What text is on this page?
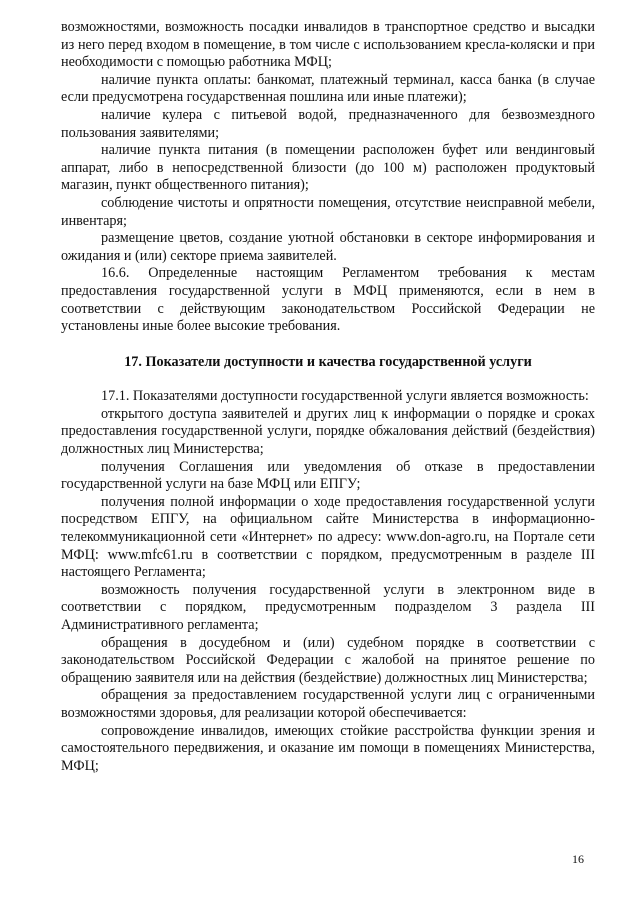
возможностями, возможность посадки инвалидов в транспортное средство и высадки из него перед входом в помещение, в том числе с использованием кресла-коляски и при необходимости с помощью работника МФЦ;

наличие пункта оплаты: банкомат, платежный терминал, касса банка (в случае если предусмотрена государственная пошлина или иные платежи);

наличие кулера с питьевой водой, предназначенного для безвозмездного пользования заявителями;

наличие пункта питания (в помещении расположен буфет или вендинговый аппарат, либо в непосредственной близости (до 100 м) расположен продуктовый магазин, пункт общественного питания);

соблюдение чистоты и опрятности помещения, отсутствие неисправной мебели, инвентаря;

размещение цветов, создание уютной обстановки в секторе информирования и ожидания и (или) секторе приема заявителей.

16.6. Определенные настоящим Регламентом требования к местам предоставления государственной услуги в МФЦ применяются, если в нем в соответствии с действующим законодательством Российской Федерации не установлены иные более высокие требования.

17. Показатели доступности и качества государственной услуги

17.1. Показателями доступности государственной услуги является возможность:

открытого доступа заявителей и других лиц к информации о порядке и сроках предоставления государственной услуги, порядке обжалования действий (бездействия) должностных лиц Министерства;

получения Соглашения или уведомления об отказе в предоставлении государственной услуги на базе МФЦ или ЕПГУ;

получения полной информации о ходе предоставления государственной услуги посредством ЕПГУ, на официальном сайте Министерства в информационно-телекоммуникационной сети «Интернет» по адресу: www.don-agro.ru, на Портале сети МФЦ: www.mfc61.ru в соответствии с порядком, предусмотренным в разделе III настоящего Регламента;

возможность получения государственной услуги в электронном виде в соответствии с порядком, предусмотренным подразделом 3 раздела III Административного регламента;

обращения в досудебном и (или) судебном порядке в соответствии с законодательством Российской Федерации с жалобой на принятое решение по обращению заявителя или на действия (бездействие) должностных лиц Министерства;

обращения за предоставлением государственной услуги лиц с ограниченными возможностями здоровья, для реализации которой обеспечивается:

сопровождение инвалидов, имеющих стойкие расстройства функции зрения и самостоятельного передвижения, и оказание им помощи в помещениях Министерства, МФЦ;

16
